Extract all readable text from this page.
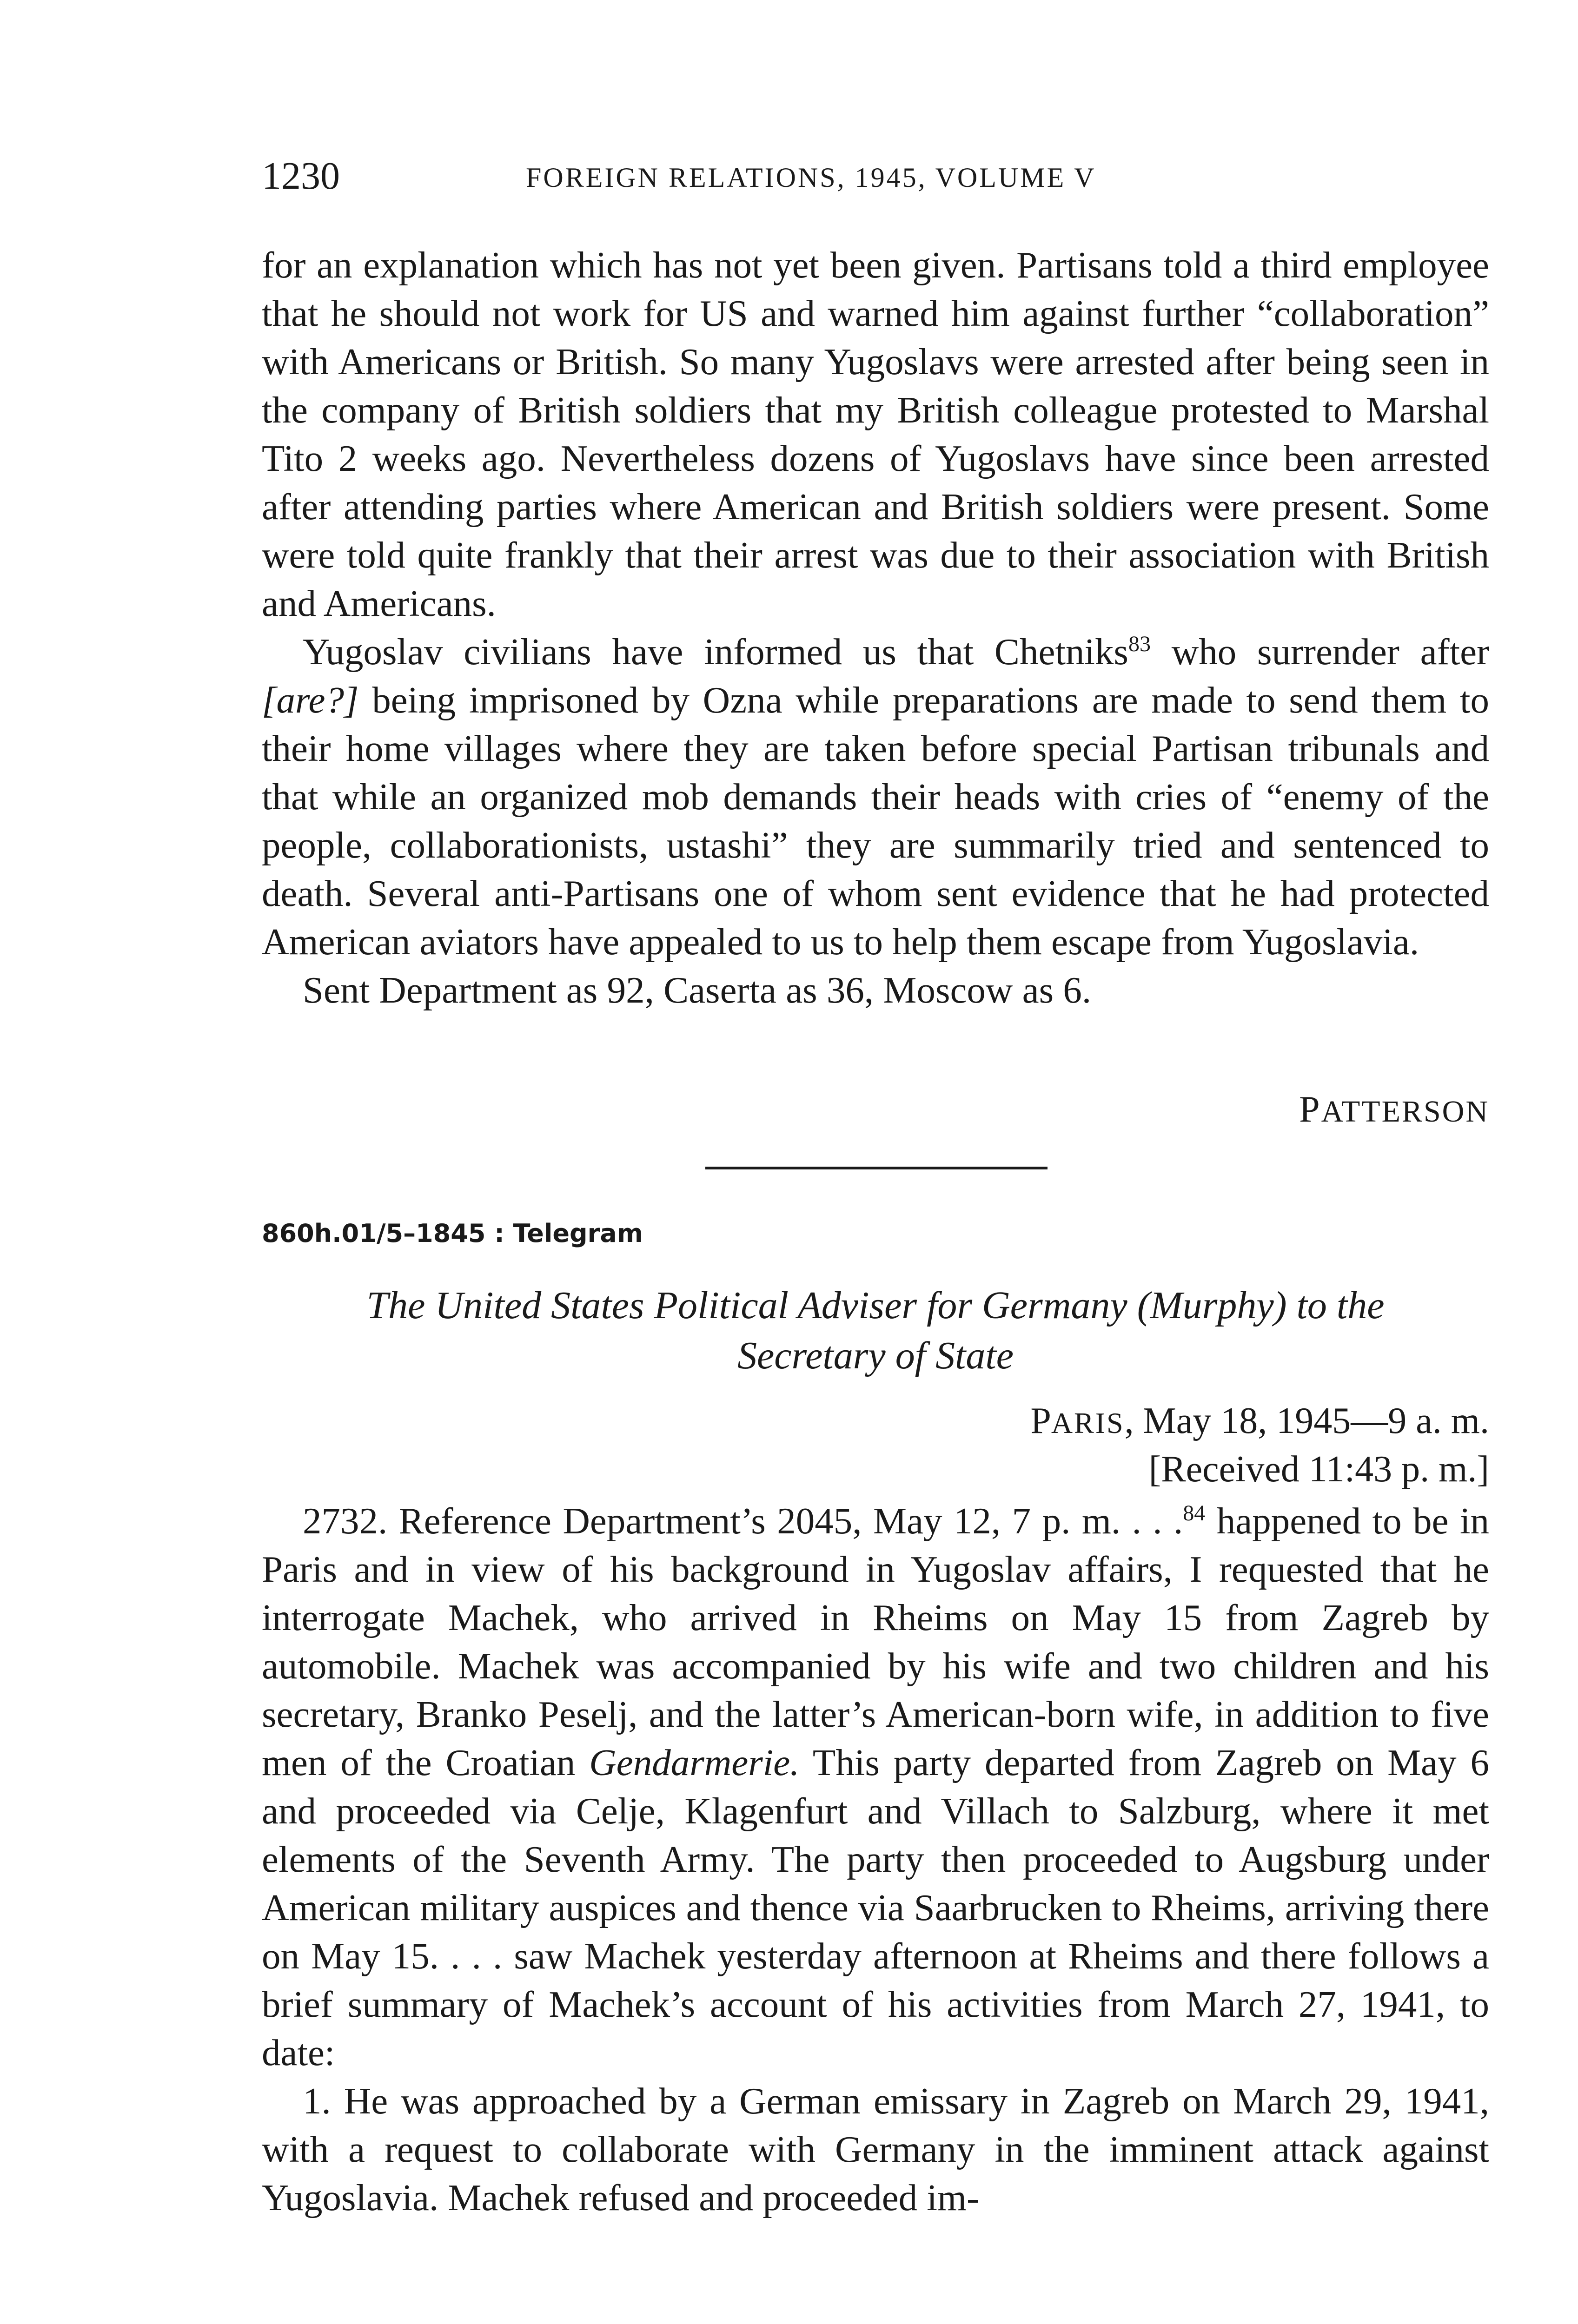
1230	FOREIGN RELATIONS, 1945, VOLUME V

for an explanation which has not yet been given. Partisans told a third employee that he should not work for US and warned him against further “collaboration” with Americans or British. So many Yugoslavs were arrested after being seen in the company of British soldiers that my British colleague protested to Marshal Tito 2 weeks ago. Nevertheless dozens of Yugoslavs have since been arrested after attending parties where American and British soldiers were present. Some were told quite frankly that their arrest was due to their association with British and Americans.

Yugoslav civilians have informed us that Chetniks$^{83}$ who surrender after [are?] being imprisoned by Ozna while preparations are made to send them to their home villages where they are taken before special Partisan tribunals and that while an organized mob demands their heads with cries of “enemy of the people, collaborationists, ustashi” they are summarily tried and sentenced to death. Several anti-Partisans one of whom sent evidence that he had protected American aviators have appealed to us to help them escape from Yugoslavia.

Sent Department as 92, Caserta as 36, Moscow as 6.

PATTERSON
860h.01/5–1845 : Telegram
The United States Political Adviser for Germany (Murphy) to the
Secretary of State
PARIS, May 18, 1945—9 a. m.
[Received 11:43 p. m.]

2732. Reference Department’s 2045, May 12, 7 p. m. . . .$^{84}$ happened to be in Paris and in view of his background in Yugoslav affairs, I requested that he interrogate Machek, who arrived in Rheims on May 15 from Zagreb by automobile. Machek was accompanied by his wife and two children and his secretary, Branko Peselj, and the latter’s American-born wife, in addition to five men of the Croatian Gendarmerie. This party departed from Zagreb on May 6 and proceeded via Celje, Klagenfurt and Villach to Salzburg, where it met elements of the Seventh Army. The party then proceeded to Augsburg under American military auspices and thence via Saarbrucken to Rheims, arriving there on May 15. . . . saw Machek yesterday afternoon at Rheims and there follows a brief summary of Machek’s account of his activities from March 27, 1941, to date:

1. He was approached by a German emissary in Zagreb on March 29, 1941, with a request to collaborate with Germany in the imminent attack against Yugoslavia. Machek refused and proceeded im-
